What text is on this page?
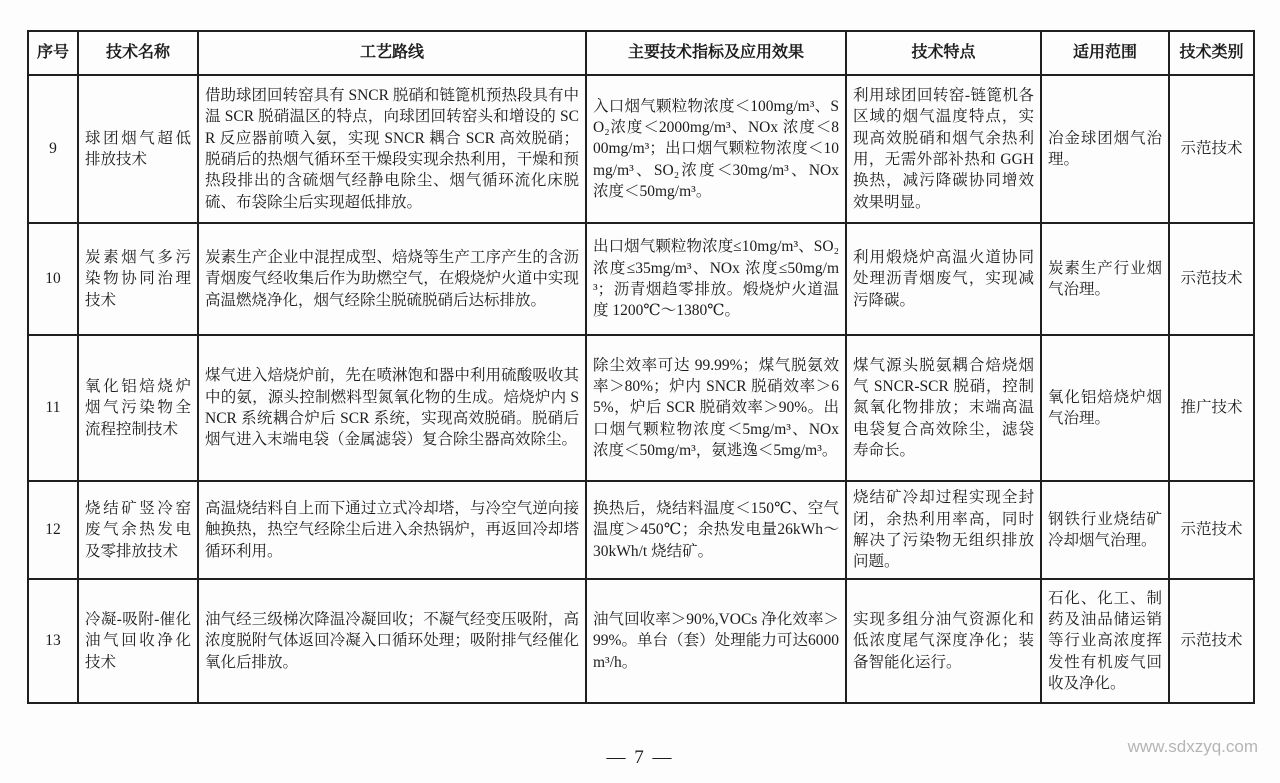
序号	技术名称	工艺路线	主要技术指标及应用效果	技术特点	适用范围	技术类别
9	球团烟气超低排放技术	借助球团回转窑具有 SNCR 脱硝和链篦机预热段具有中温 SCR 脱硝温区的特点，向球团回转窑头和增设的 SCR 反应器前喷入氨，实现 SNCR 耦合 SCR 高效脱硝；脱硝后的热烟气循环至干燥段实现余热利用，干燥和预热段排出的含硫烟气经静电除尘、烟气循环流化床脱硫、布袋除尘后实现超低排放。	入口烟气颗粒物浓度＜100mg/m³、SO₂浓度＜2000mg/m³、NOx 浓度＜800mg/m³；出口烟气颗粒物浓度＜10mg/m³、SO₂浓度＜30mg/m³、NOx 浓度＜50mg/m³。	利用球团回转窑-链篦机各区域的烟气温度特点，实现高效脱硝和烟气余热利用，无需外部补热和 GGH 换热，减污降碳协同增效效果明显。	冶金球团烟气治理。	示范技术
10	炭素烟气多污染物协同治理技术	炭素生产企业中混捏成型、焙烧等生产工序产生的含沥青烟废气经收集后作为助燃空气，在煅烧炉火道中实现高温燃烧净化，烟气经除尘脱硫脱硝后达标排放。	出口烟气颗粒物浓度≤10mg/m³、SO₂ 浓度≤35mg/m³、NOx 浓度≤50mg/m³；沥青烟趋零排放。煅烧炉火道温度 1200℃～1380℃。	利用煅烧炉高温火道协同处理沥青烟废气，实现减污降碳。	炭素生产行业烟气治理。	示范技术
11	氧化铝焙烧炉烟气污染物全流程控制技术	煤气进入焙烧炉前，先在喷淋饱和器中利用硫酸吸收其中的氨，源头控制燃料型氮氧化物的生成。焙烧炉内 SNCR 系统耦合炉后 SCR 系统，实现高效脱硝。脱硝后烟气进入末端电袋（金属滤袋）复合除尘器高效除尘。	除尘效率可达 99.99%；煤气脱氨效率＞80%；炉内 SNCR 脱硝效率＞65%，炉后 SCR 脱硝效率＞90%。出口烟气颗粒物浓度＜5mg/m³、NOx 浓度＜50mg/m³，氨逃逸＜5mg/m³。	煤气源头脱氨耦合焙烧烟气 SNCR-SCR 脱硝，控制氮氧化物排放；末端高温电袋复合高效除尘，滤袋寿命长。	氧化铝焙烧炉烟气治理。	推广技术
12	烧结矿竖冷窑废气余热发电及零排放技术	高温烧结料自上而下通过立式冷却塔，与冷空气逆向接触换热，热空气经除尘后进入余热锅炉，再返回冷却塔循环利用。	换热后，烧结料温度＜150℃、空气温度＞450℃；余热发电量26kWh～30kWh/t 烧结矿。	烧结矿冷却过程实现全封闭，余热利用率高，同时解决了污染物无组织排放问题。	钢铁行业烧结矿冷却烟气治理。	示范技术
13	冷凝-吸附-催化油气回收净化技术	油气经三级梯次降温冷凝回收；不凝气经变压吸附，高浓度脱附气体返回冷凝入口循环处理；吸附排气经催化氧化后排放。	油气回收率＞90%,VOCs 净化效率＞99%。单台（套）处理能力可达6000m³/h。	实现多组分油气资源化和低浓度尾气深度净化；装备智能化运行。	石化、化工、制药及油品储运销等行业高浓度挥发性有机废气回收及净化。	示范技术
— 7 —
www.sdxzyq.com
